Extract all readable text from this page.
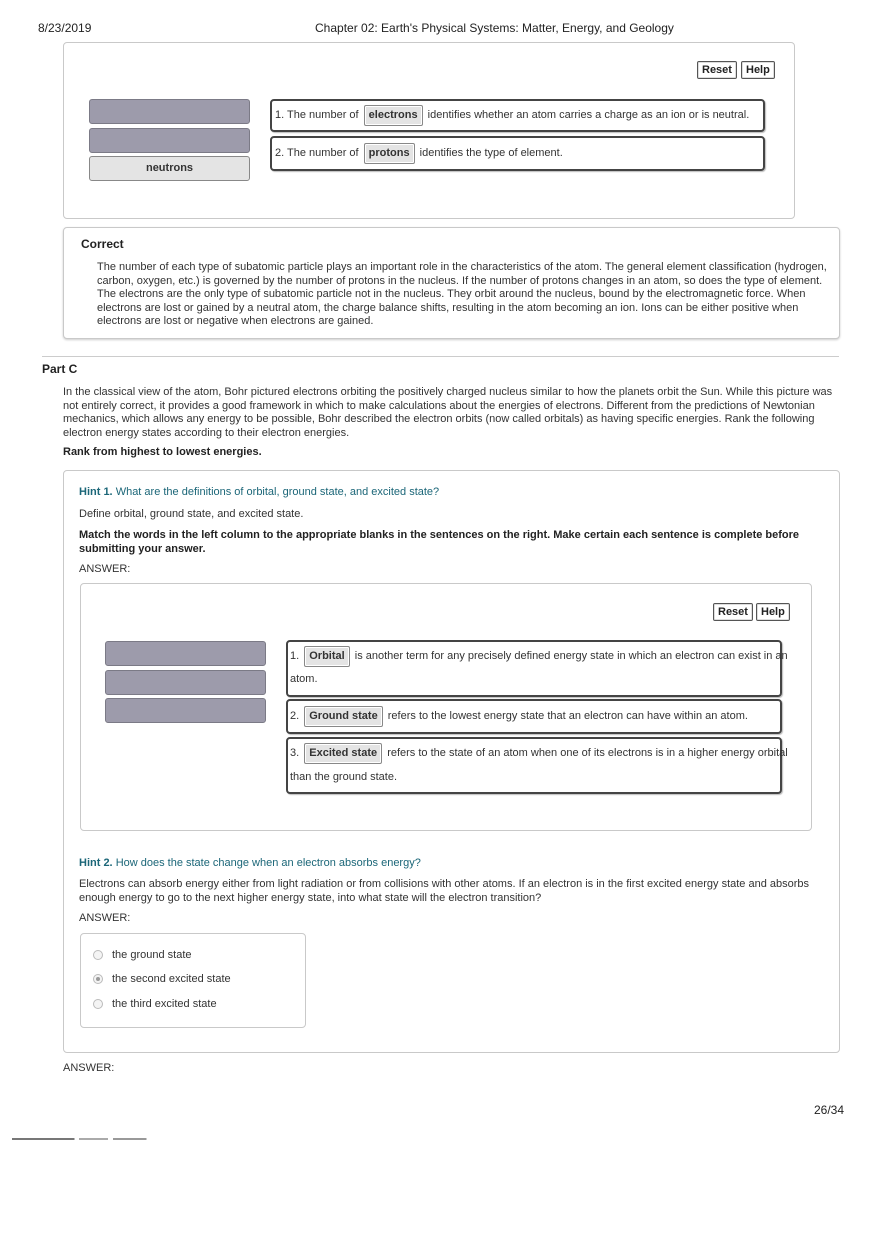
8/23/2019	Chapter 02: Earth's Physical Systems: Matter, Energy, and Geology
Reset	Help
neutrons
1. The number of electrons identifies whether an atom carries a charge as an ion or is neutral.
2. The number of protons identifies the type of element.
Correct
The number of each type of subatomic particle plays an important role in the characteristics of the atom. The general element classification (hydrogen, carbon, oxygen, etc.) is governed by the number of protons in the nucleus. If the number of protons changes in an atom, so does the type of element. The electrons are the only type of subatomic particle not in the nucleus. They orbit around the nucleus, bound by the electromagnetic force. When electrons are lost or gained by a neutral atom, the charge balance shifts, resulting in the atom becoming an ion. Ions can be either positive when electrons are lost or negative when electrons are gained.
Part C
In the classical view of the atom, Bohr pictured electrons orbiting the positively charged nucleus similar to how the planets orbit the Sun. While this picture was not entirely correct, it provides a good framework in which to make calculations about the energies of electrons. Different from the predictions of Newtonian mechanics, which allows any energy to be possible, Bohr described the electron orbits (now called orbitals) as having specific energies. Rank the following electron energy states according to their electron energies.
Rank from highest to lowest energies.
Hint 1. What are the definitions of orbital, ground state, and excited state?
Define orbital, ground state, and excited state.
Match the words in the left column to the appropriate blanks in the sentences on the right. Make certain each sentence is complete before submitting your answer.
ANSWER:
Reset	Help
1. Orbital is another term for any precisely defined energy state in which an electron can exist in an
atom.
2. Ground state refers to the lowest energy state that an electron can have within an atom.
3. Excited state refers to the state of an atom when one of its electrons is in a higher energy orbital
than the ground state.
Hint 2. How does the state change when an electron absorbs energy?
Electrons can absorb energy either from light radiation or from collisions with other atoms. If an electron is in the first excited energy state and absorbs enough energy to go to the next higher energy state, into what state will the electron transition?
ANSWER:
the ground state
the second excited state
the third excited state
ANSWER:
26/34
